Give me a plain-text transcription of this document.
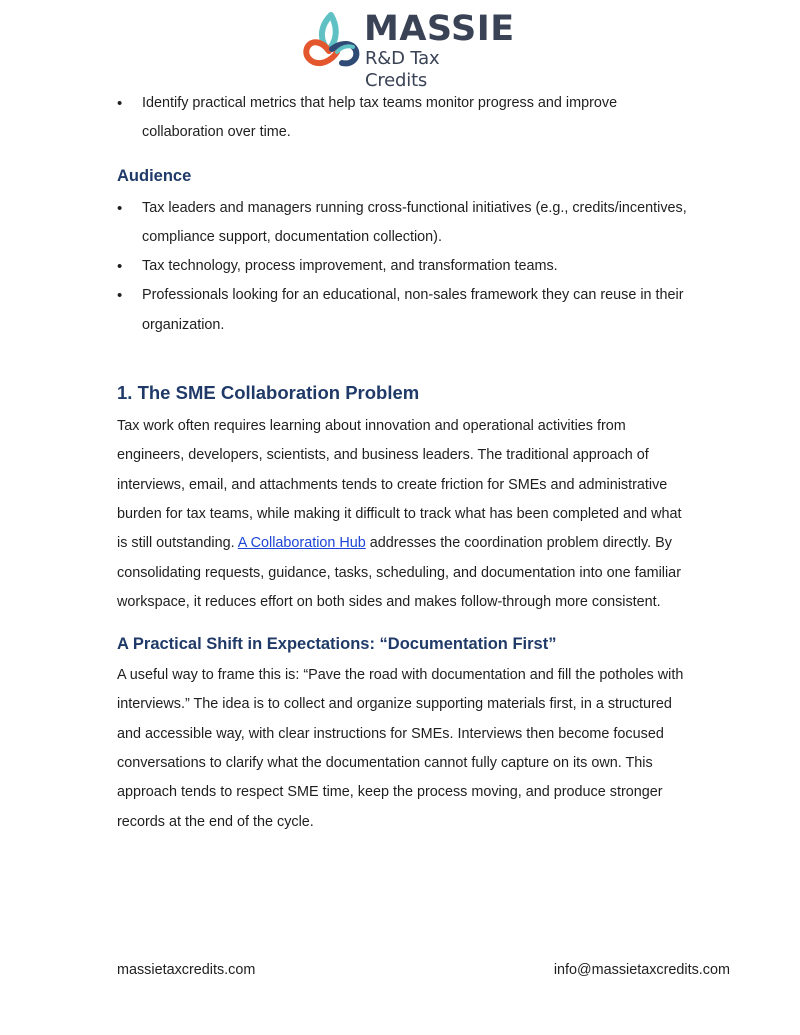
MASSIE
R&D Tax Credits
• Identify practical metrics that help tax teams monitor progress and improve collaboration over time.
Audience
• Tax leaders and managers running cross-functional initiatives (e.g., credits/incentives, compliance support, documentation collection).
• Tax technology, process improvement, and transformation teams.
• Professionals looking for an educational, non-sales framework they can reuse in their organization.
1. The SME Collaboration Problem

Tax work often requires learning about innovation and operational activities from engineers, developers, scientists, and business leaders. The traditional approach of interviews, email, and attachments tends to create friction for SMEs and administrative burden for tax teams, while making it difficult to track what has been completed and what is still outstanding. A Collaboration Hub addresses the coordination problem directly. By consolidating requests, guidance, tasks, scheduling, and documentation into one familiar workspace, it reduces effort on both sides and makes follow-through more consistent.

A Practical Shift in Expectations: “Documentation First”

A useful way to frame this is: “Pave the road with documentation and fill the potholes with interviews.” The idea is to collect and organize supporting materials first, in a structured and accessible way, with clear instructions for SMEs. Interviews then become focused conversations to clarify what the documentation cannot fully capture on its own. This approach tends to respect SME time, keep the process moving, and produce stronger records at the end of the cycle.

massietaxcredits.com	info@massietaxcredits.com
